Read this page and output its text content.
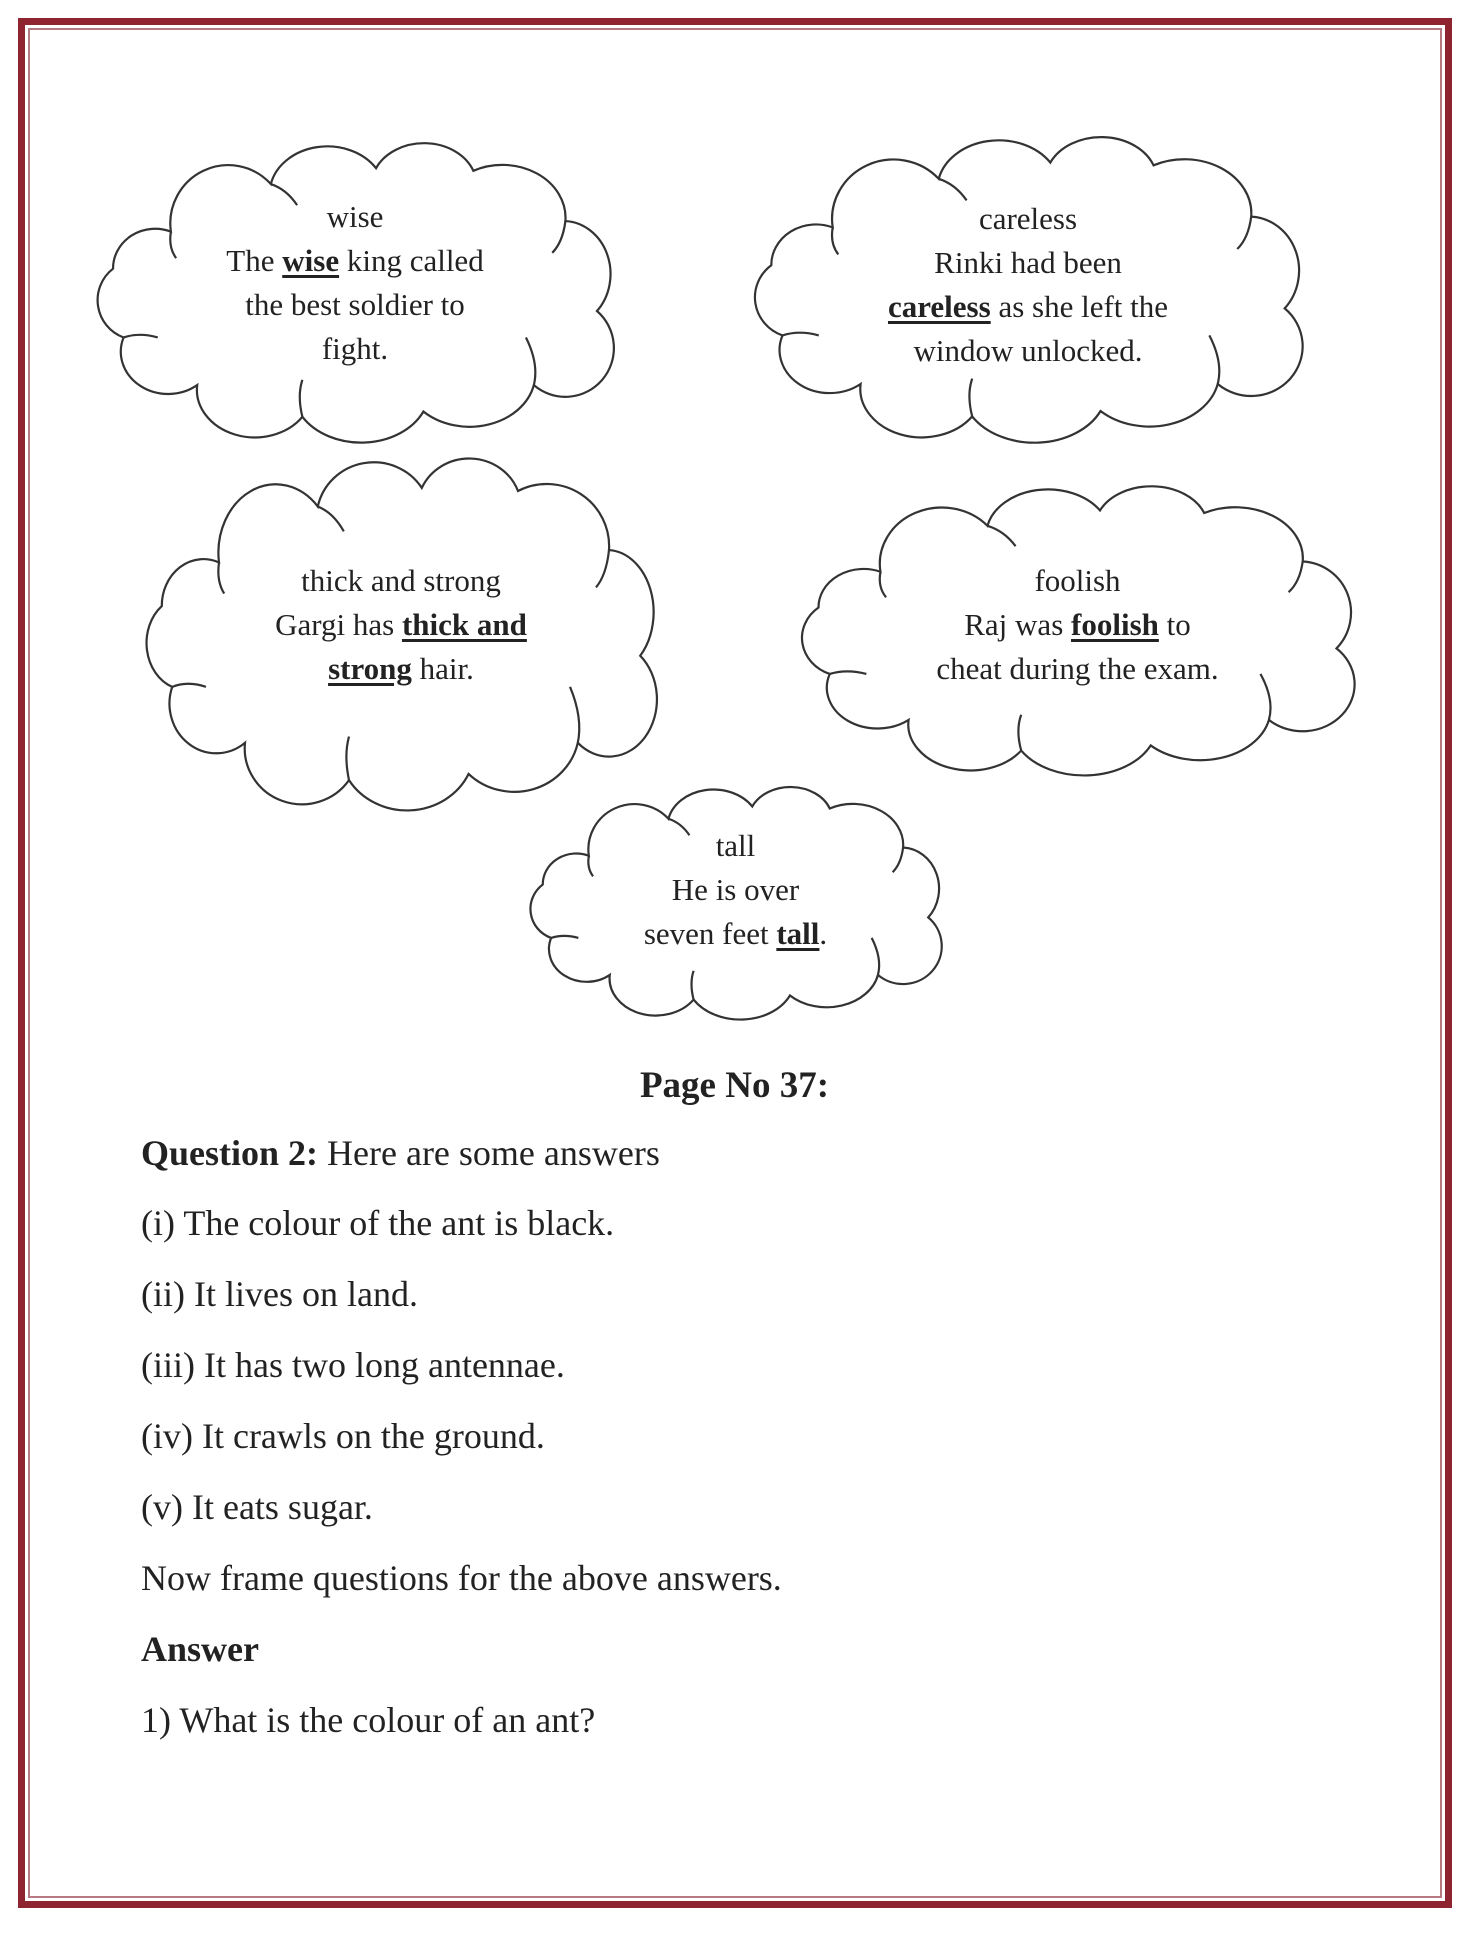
wise
The wise king called
the best soldier to
fight.
careless
Rinki had been
careless as she left the
window unlocked.
thick and strong
Gargi has thick and
strong hair.
foolish
Raj was foolish to
cheat during the exam.
tall
He is over
seven feet tall.
Page No 37:
Question 2: Here are some answers
(i) The colour of the ant is black.
(ii) It lives on land.
(iii) It has two long antennae.
(iv) It crawls on the ground.
(v) It eats sugar.
Now frame questions for the above answers.
Answer
1) What is the colour of an ant?
